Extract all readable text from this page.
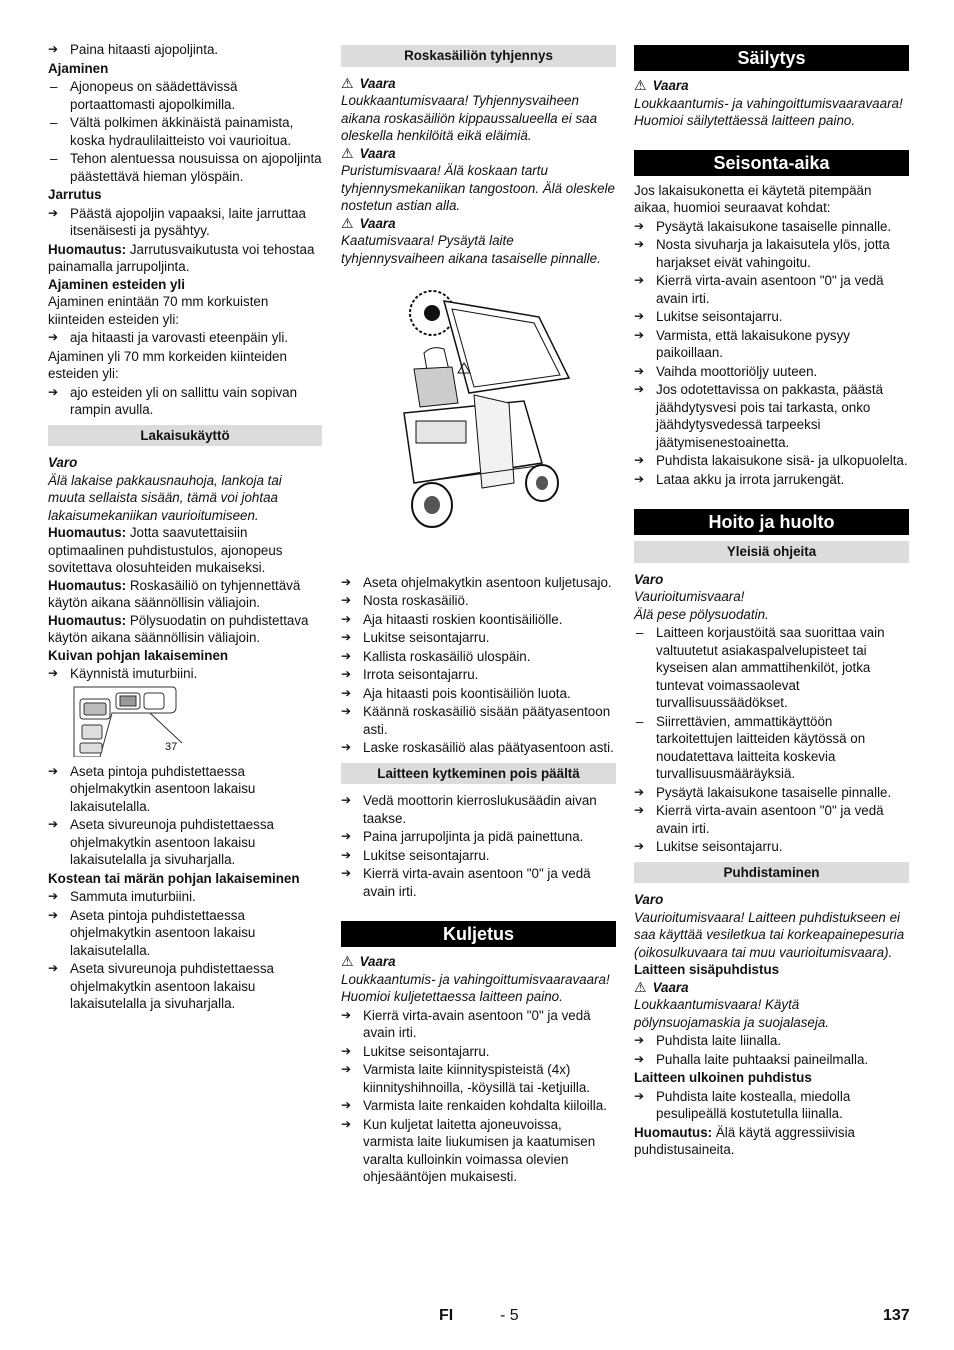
➔ Paina hitaasti ajopoljinta.

Ajaminen

– Ajonopeus on säädettävissä portaattomasti ajopolkimilla.
– Vältä polkimen äkkinäistä painamista, koska hydraulilaitteisto voi vaurioitua.
– Tehon alentuessa nousuissa on ajopoljinta päästettävä hieman ylöspäin.

Jarrutus

➔ Päästä ajopoljin vapaaksi, laite jarruttaa itsenäisesti ja pysähtyy.

Huomautus: Jarrutusvaikutusta voi tehostaa painamalla jarrupoljinta.

Ajaminen esteiden yli

Ajaminen enintään 70 mm korkuisten kiinteiden esteiden yli:

➔ aja hitaasti ja varovasti eteenpäin yli.

Ajaminen yli 70 mm korkeiden kiinteiden esteiden yli:

➔ ajo esteiden yli on sallittu vain sopivan rampin avulla.
Lakaisukäyttö

Varo

Älä lakaise pakkausnauhoja, lankoja tai muuta sellaista sisään, tämä voi johtaa lakaisumekaniikan vaurioitumiseen.

Huomautus: Jotta saavutettaisiin optimaalinen puhdistustulos, ajonopeus sovitettava olosuhteiden mukaiseksi.

Huomautus: Roskasäiliö on tyhjennettävä käytön aikana säännöllisin väliajoin.

Huomautus: Pölysuodatin on puhdistettava käytön aikana säännöllisin väliajoin.

Kuivan pohjan lakaiseminen

➔ Käynnistä imuturbiini.
37
➔ Aseta pintoja puhdistettaessa ohjelmakytkin asentoon lakaisu lakaisutelalla.
➔ Aseta sivureunoja puhdistettaessa ohjelmakytkin asentoon lakaisu lakaisutelalla ja sivuharjalla.

Kostean tai märän pohjan lakaiseminen

➔ Sammuta imuturbiini.
➔ Aseta pintoja puhdistettaessa ohjelmakytkin asentoon lakaisu lakaisutelalla.
➔ Aseta sivureunoja puhdistettaessa ohjelmakytkin asentoon lakaisu lakaisutelalla ja sivuharjalla.
Roskasäiliön tyhjennys

⚠ Vaara

Loukkaantumisvaara! Tyhjennysvaiheen aikana roskasäiliön kippaussalueella ei saa oleskella henkilöitä eikä eläimiä.

⚠ Vaara

Puristumisvaara! Älä koskaan tartu tyhjennysmekaniikan tangostoon. Älä oleskele nostetun astian alla.

⚠ Vaara

Kaatumisvaara! Pysäytä laite tyhjennysvaiheen aikana tasaiselle pinnalle.

➔ Aseta ohjelmakytkin asentoon kuljetusajo.
➔ Nosta roskasäiliö.
➔ Aja hitaasti roskien koontisäiliölle.
➔ Lukitse seisontajarru.
➔ Kallista roskasäiliö ulospäin.
➔ Irrota seisontajarru.
➔ Aja hitaasti pois koontisäiliön luota.
➔ Käännä roskasäiliö sisään päätyasentoon asti.
➔ Laske roskasäiliö alas päätyasentoon asti.
Laitteen kytkeminen pois päältä
➔ Vedä moottorin kierroslukusäädin aivan taakse.
➔ Paina jarrupoljinta ja pidä painettuna.
➔ Lukitse seisontajarru.
➔ Kierrä virta-avain asentoon "0" ja vedä avain irti.
Kuljetus

⚠ Vaara

Loukkaantumis- ja vahingoittumisvaaravaara! Huomioi kuljetettaessa laitteen paino.

➔ Kierrä virta-avain asentoon "0" ja vedä avain irti.
➔ Lukitse seisontajarru.
➔ Varmista laite kiinnityspisteistä (4x) kiinnityshihnoilla, -köysillä tai -ketjuilla.
➔ Varmista laite renkaiden kohdalta kiiloilla.
➔ Kun kuljetat laitetta ajoneuvoissa, varmista laite liukumisen ja kaatumisen varalta kulloinkin voimassa olevien ohjesääntöjen mukaisesti.
Säilytys

⚠ Vaara

Loukkaantumis- ja vahingoittumisvaaravaara! Huomioi säilytettäessä laitteen paino.

Seisonta-aika

Jos lakaisukonetta ei käytetä pitempään aikaa, huomioi seuraavat kohdat:

➔ Pysäytä lakaisukone tasaiselle pinnalle.
➔ Nosta sivuharja ja lakaisutela ylös, jotta harjakset eivät vahingoitu.
➔ Kierrä virta-avain asentoon "0" ja vedä avain irti.
➔ Lukitse seisontajarru.
➔ Varmista, että lakaisukone pysyy paikoillaan.
➔ Vaihda moottoriöljy uuteen.
➔ Jos odotettavissa on pakkasta, päästä jäähdytysvesi pois tai tarkasta, onko jäähdytysvedessä tarpeeksi jäätymisenestoainetta.
➔ Puhdista lakaisukone sisä- ja ulkopuolelta.
➔ Lataa akku ja irrota jarrukengät.
Hoito ja huolto
Yleisiä ohjeita

Varo

Vaurioitumisvaara!

Älä pese pölysuodatin.

– Laitteen korjaustöitä saa suorittaa vain valtuutetut asiakaspalvelupisteet tai kyseisen alan ammattihenkilöt, jotka tuntevat voimassaolevat turvallisuussäädökset.
– Siirrettävien, ammattikäyttöön tarkoitettujen laitteiden käytössä on noudatettava laitteita koskevia turvallisuusmääräyksiä.
➔ Pysäytä lakaisukone tasaiselle pinnalle.
➔ Kierrä virta-avain asentoon "0" ja vedä avain irti.
➔ Lukitse seisontajarru.
Puhdistaminen

Varo

Vaurioitumisvaara! Laitteen puhdistukseen ei saa käyttää vesiletkua tai korkeapainepesuria (oikosulkuvaara tai muu vaurioitumisvaara).

Laitteen sisäpuhdistus

⚠ Vaara

Loukkaantumisvaara! Käytä pölynsuojamaskia ja suojalaseja.

➔ Puhdista laite liinalla.
➔ Puhalla laite puhtaaksi paineilmalla.

Laitteen ulkoinen puhdistus

➔ Puhdista laite kostealla, miedolla pesulipeällä kostutetulla liinalla.

Huomautus: Älä käytä aggressiivisia puhdistusaineita.

FI	- 5	137
